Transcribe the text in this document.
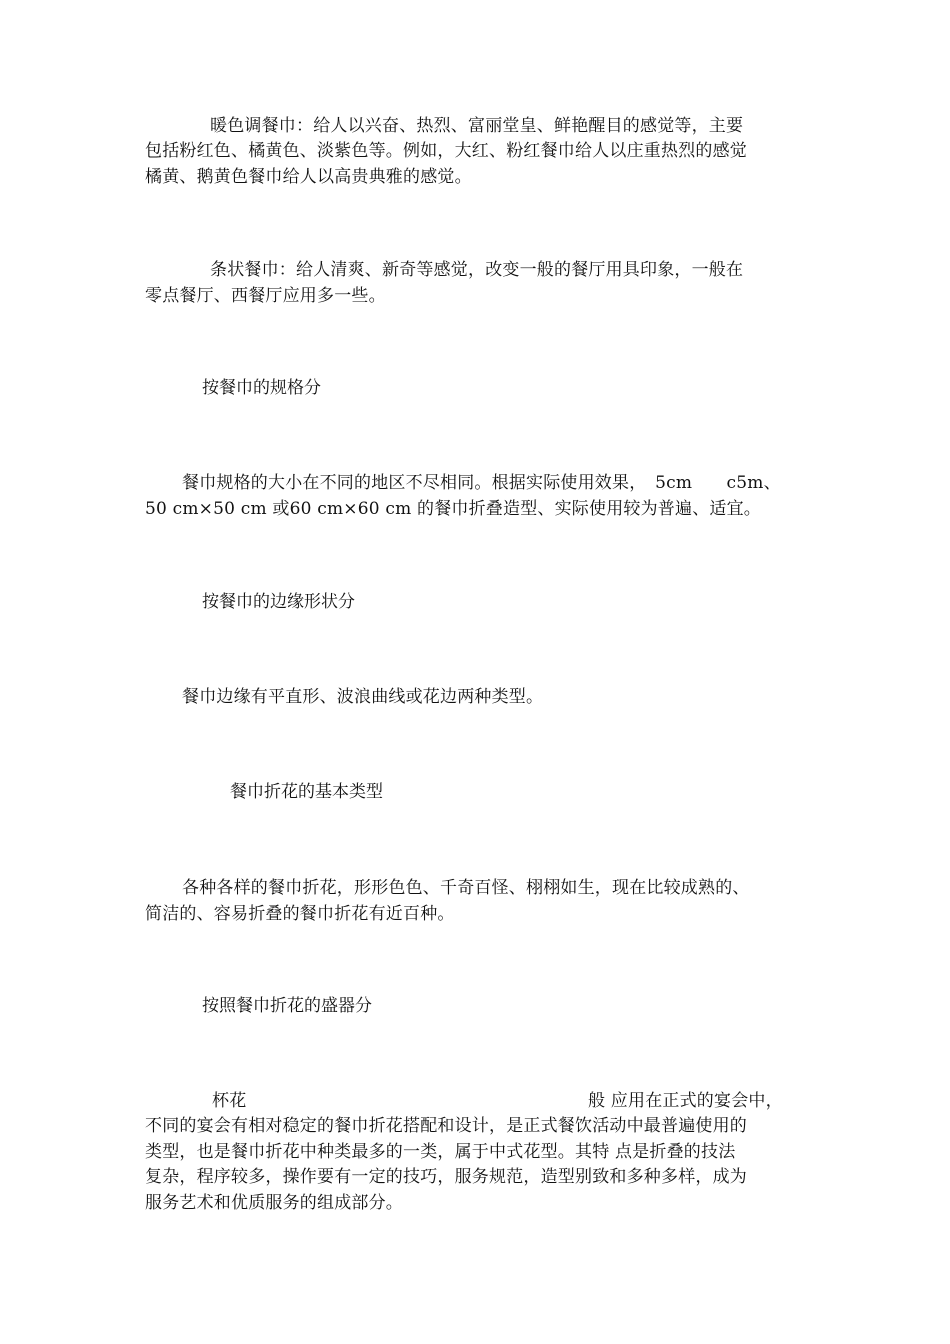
暖色调餐巾：给人以兴奋、热烈、富丽堂皇、鲜艳醒目的感觉等，主要
包括粉红色、橘黄色、淡紫色等。例如，大红、粉红餐巾给人以庄重热烈的感觉
橘黄、鹅黄色餐巾给人以高贵典雅的感觉。
条状餐巾：给人清爽、新奇等感觉，改变一般的餐厅用具印象，一般在
零点餐厅、西餐厅应用多一些。
按餐巾的规格分
餐巾规格的大小在不同的地区不尽相同。根据实际使用效果，　5cm　　c5m、
50 cm×50 cm 或60 cm×60 cm 的餐巾折叠造型、实际使用较为普遍、适宜。
按餐巾的边缘形状分
餐巾边缘有平直形、波浪曲线或花边两种类型。
餐巾折花的基本类型
各种各样的餐巾折花，形形色色、千奇百怪、栩栩如生，现在比较成熟的、
简洁的、容易折叠的餐巾折花有近百种。
按照餐巾折花的盛器分
杯花	般 应用在正式的宴会中，
不同的宴会有相对稳定的餐巾折花搭配和设计，是正式餐饮活动中最普遍使用的
类型，也是餐巾折花中种类最多的一类，属于中式花型。其特 点是折叠的技法
复杂，程序较多，操作要有一定的技巧，服务规范，造型别致和多种多样，成为
服务艺术和优质服务的组成部分。
